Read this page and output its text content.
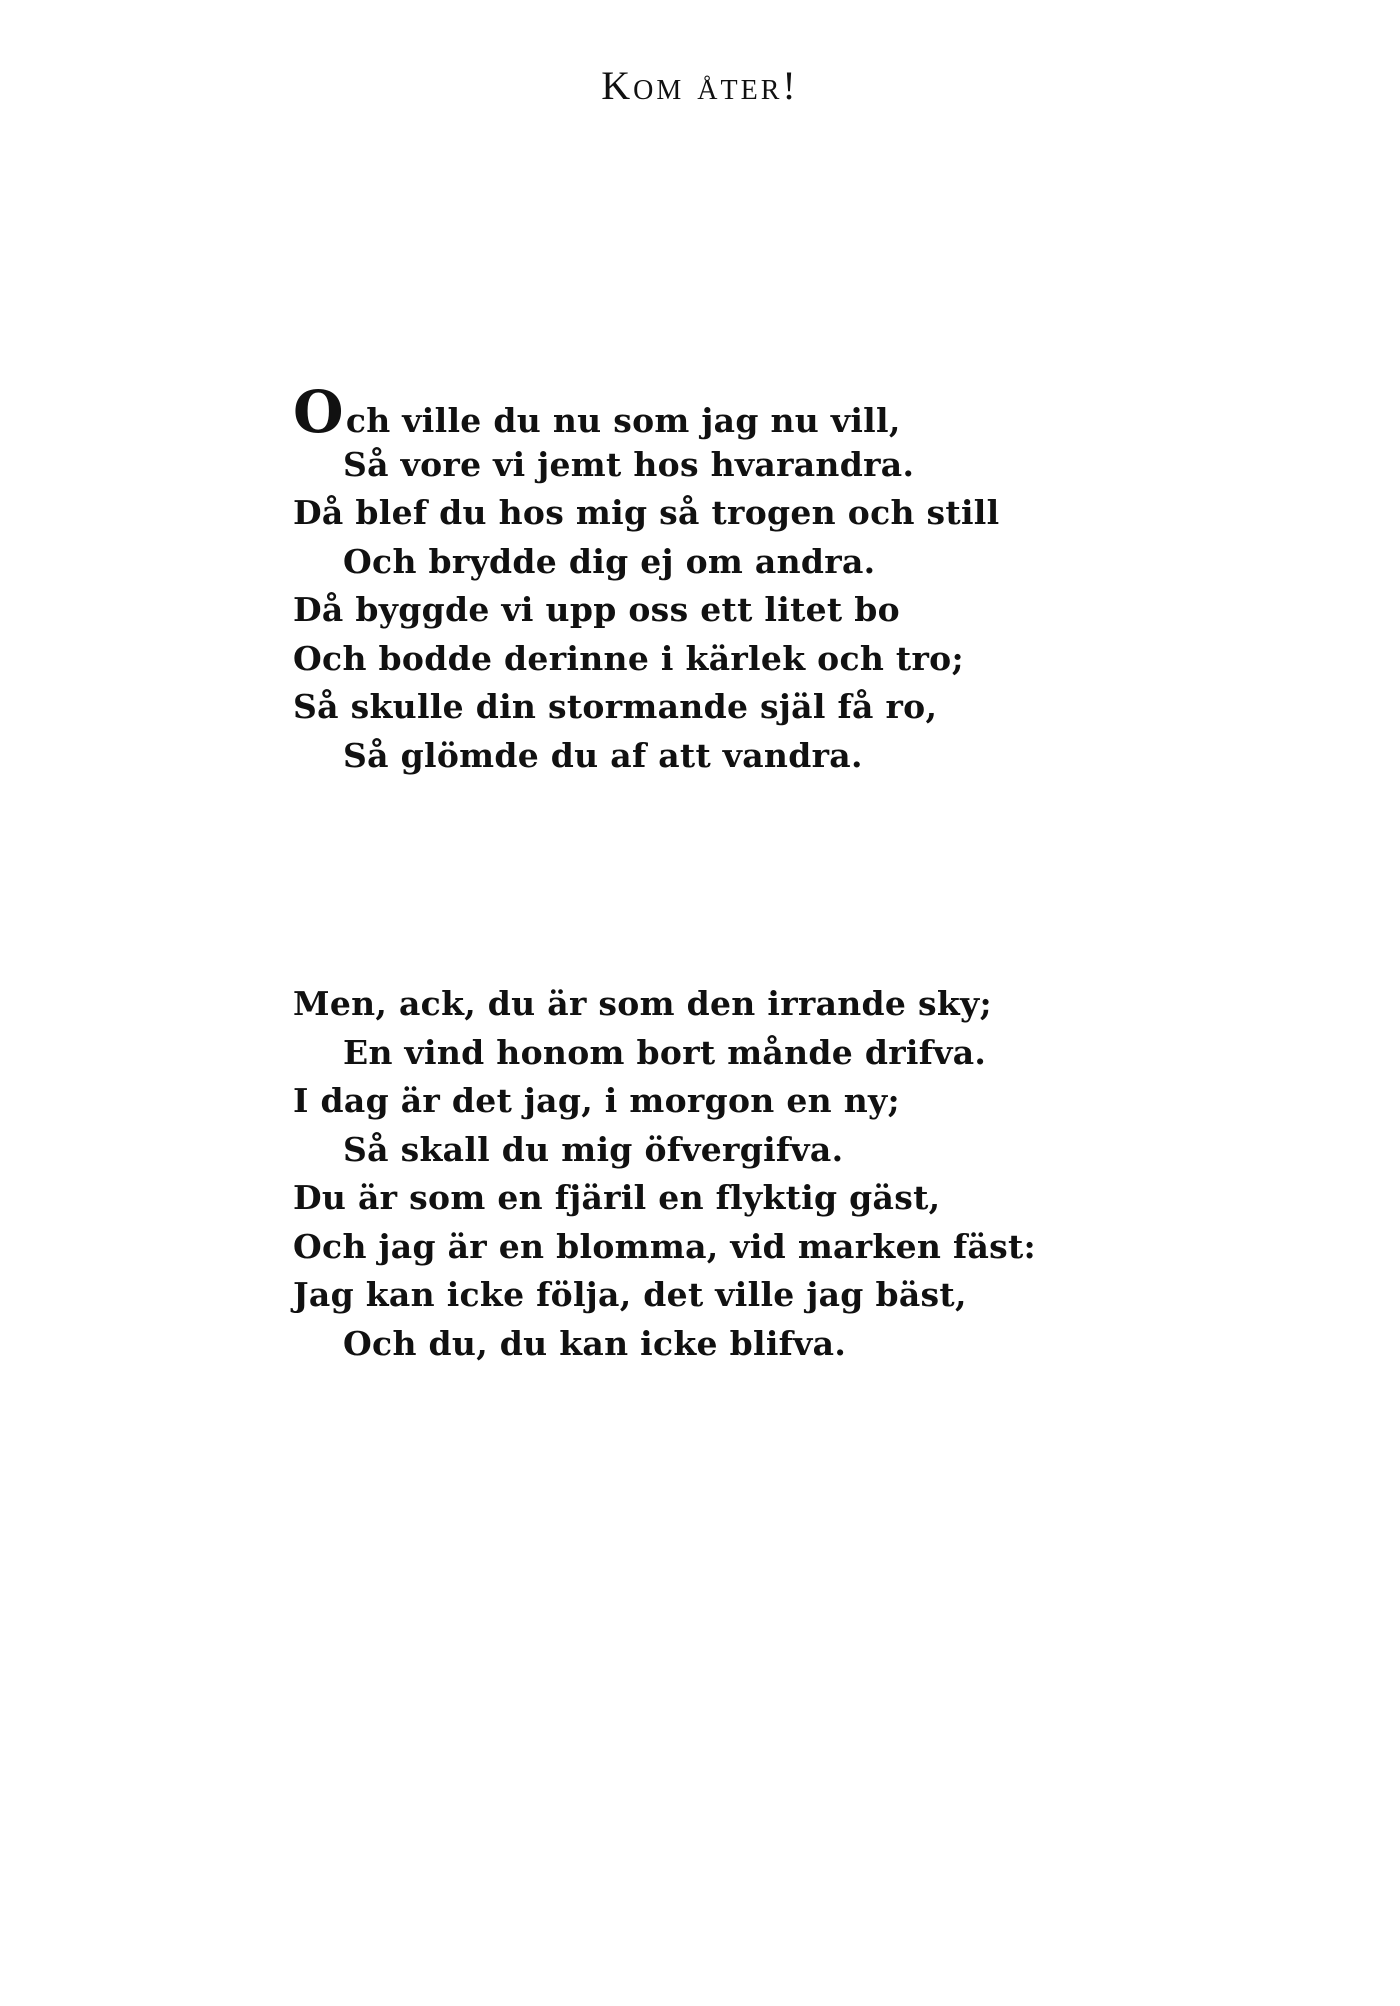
Kom åter!
Och ville du nu som jag nu vill,
Så vore vi jemt hos hvarandra.
Då blef du hos mig så trogen och still
Och brydde dig ej om andra.
Då byggde vi upp oss ett litet bo
Och bodde derinne i kärlek och tro;
Så skulle din stormande själ få ro,
Så glömde du af att vandra.
Men, ack, du är som den irrande sky;
En vind honom bort månde drifva.
I dag är det jag, i morgon en ny;
Så skall du mig öfvergifva.
Du är som en fjäril en flyktig gäst,
Och jag är en blomma, vid marken fäst:
Jag kan icke följa, det ville jag bäst,
Och du, du kan icke blifva.
